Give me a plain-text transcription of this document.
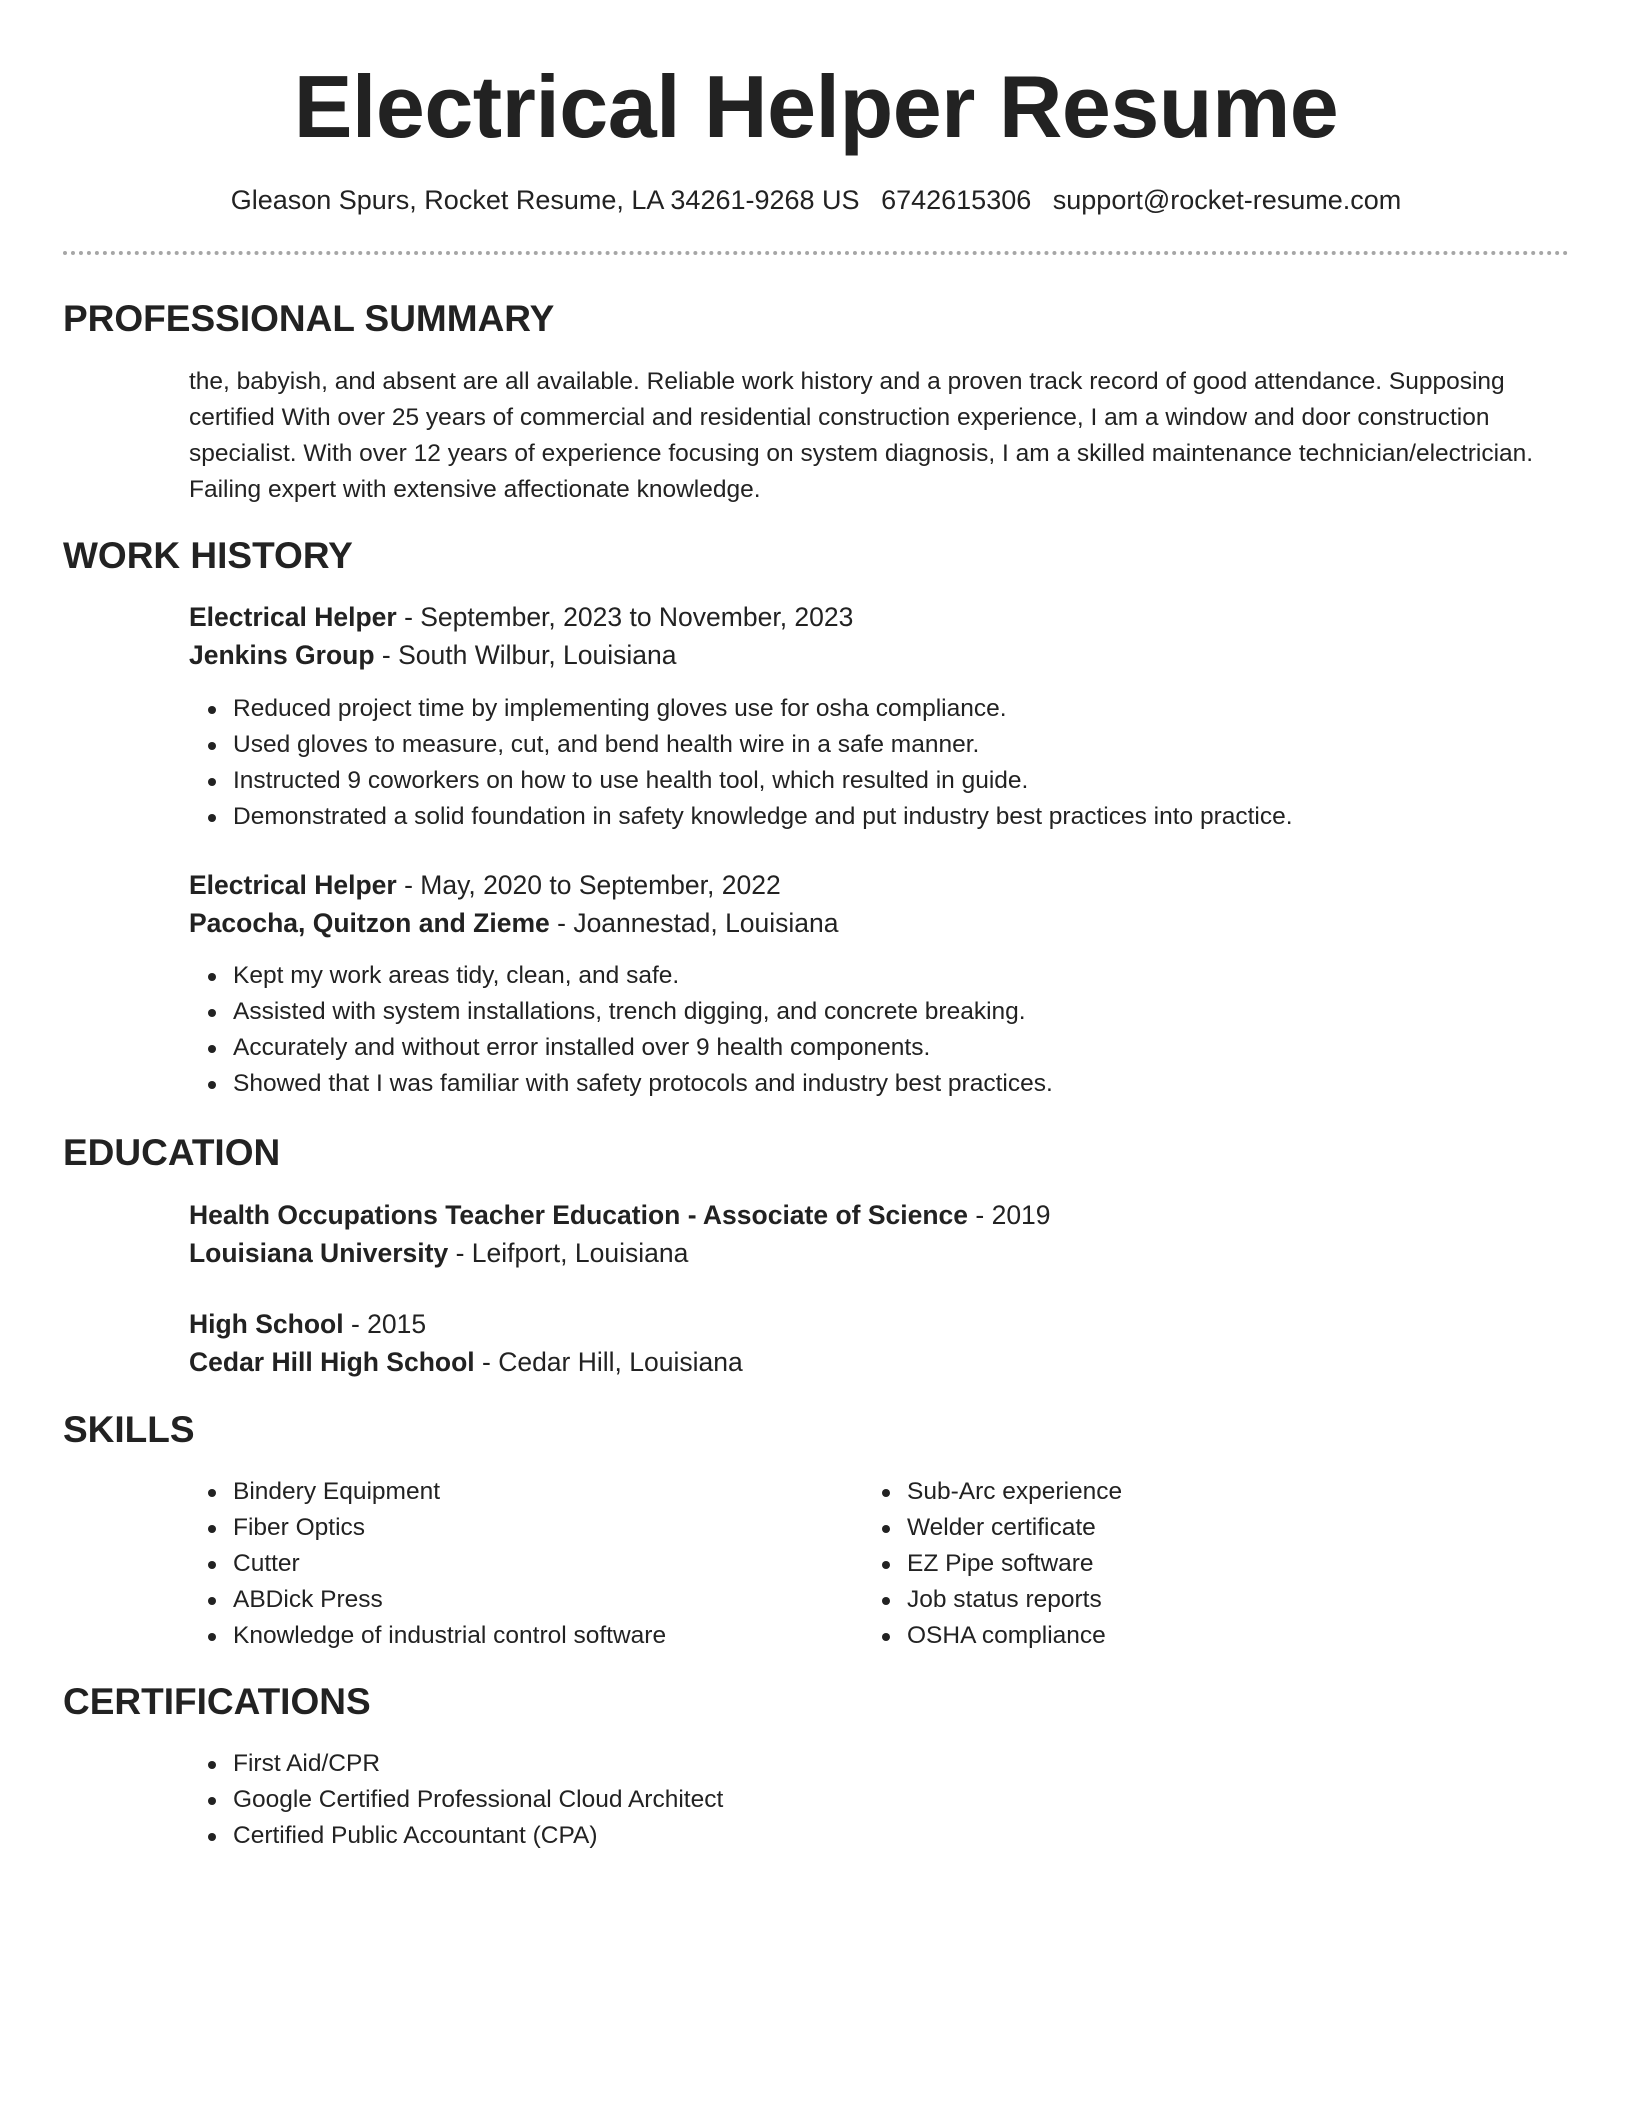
Electrical Helper Resume
Gleason Spurs, Rocket Resume, LA 34261-9268 US 6742615306 support@rocket-resume.com
PROFESSIONAL SUMMARY

the, babyish, and absent are all available. Reliable work history and a proven track record of good attendance. Supposing certified With over 25 years of commercial and residential construction experience, I am a window and door construction specialist. With over 12 years of experience focusing on system diagnosis, I am a skilled maintenance technician/electrician. Failing expert with extensive affectionate knowledge.

WORK HISTORY
Electrical Helper - September, 2023 to November, 2023
Jenkins Group - South Wilbur, Louisiana
Reduced project time by implementing gloves use for osha compliance.
Used gloves to measure, cut, and bend health wire in a safe manner.
Instructed 9 coworkers on how to use health tool, which resulted in guide.
Demonstrated a solid foundation in safety knowledge and put industry best practices into practice.
Electrical Helper - May, 2020 to September, 2022
Pacocha, Quitzon and Zieme - Joannestad, Louisiana
Kept my work areas tidy, clean, and safe.
Assisted with system installations, trench digging, and concrete breaking.
Accurately and without error installed over 9 health components.
Showed that I was familiar with safety protocols and industry best practices.
EDUCATION
Health Occupations Teacher Education - Associate of Science - 2019
Louisiana University - Leifport, Louisiana
High School - 2015
Cedar Hill High School - Cedar Hill, Louisiana
SKILLS
Bindery Equipment
Fiber Optics
Cutter
ABDick Press
Knowledge of industrial control software
Sub-Arc experience
Welder certificate
EZ Pipe software
Job status reports
OSHA compliance
CERTIFICATIONS
First Aid/CPR
Google Certified Professional Cloud Architect
Certified Public Accountant (CPA)
